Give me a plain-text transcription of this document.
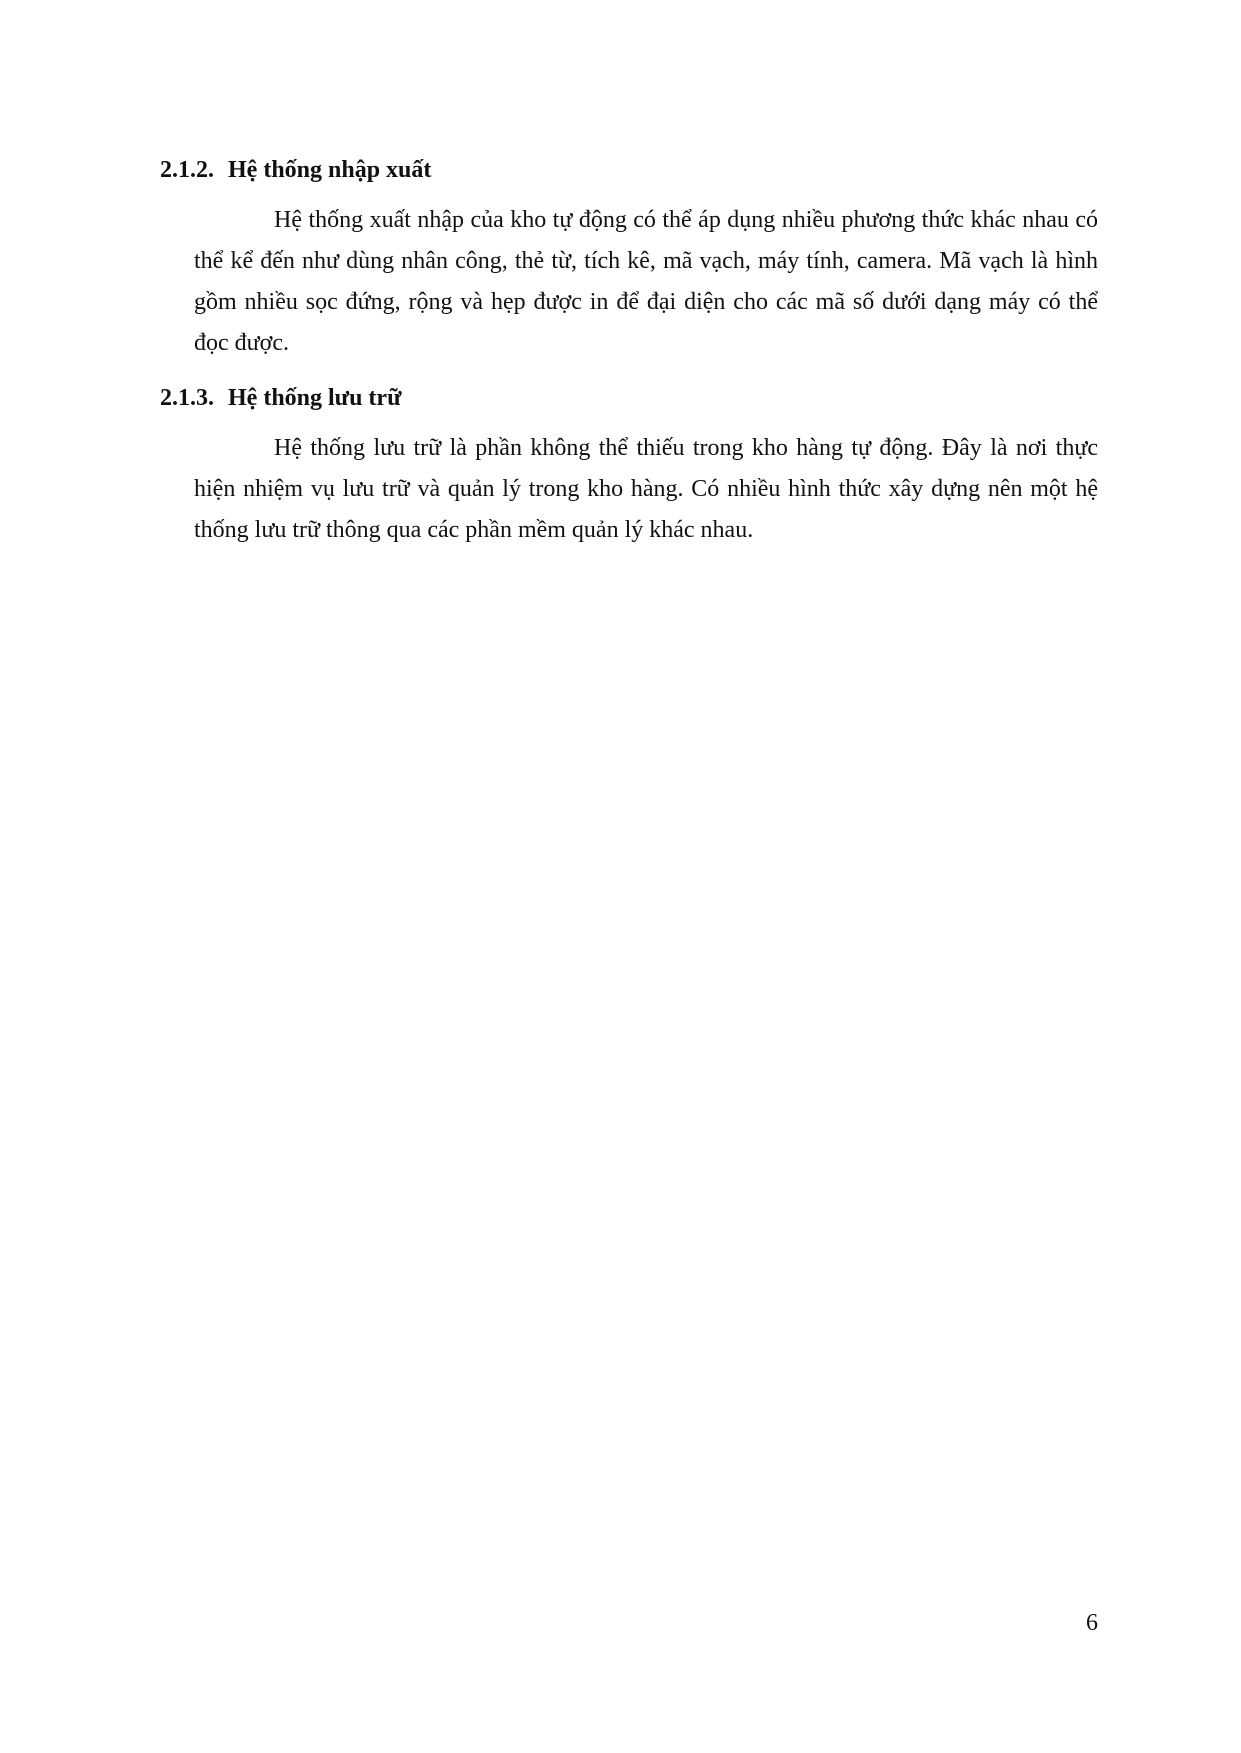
2.1.2. Hệ thống nhập xuất

Hệ thống xuất nhập của kho tự động có thể áp dụng nhiều phương thức khác nhau có thể kể đến như dùng nhân công, thẻ từ, tích kê, mã vạch, máy tính, camera. Mã vạch là hình gồm nhiều sọc đứng, rộng và hẹp được in để đại diện cho các mã số dưới dạng máy có thể đọc được.

2.1.3. Hệ thống lưu trữ

Hệ thống lưu trữ là phần không thể thiếu trong kho hàng tự động. Đây là nơi thực hiện nhiệm vụ lưu trữ và quản lý trong kho hàng. Có nhiều hình thức xây dựng nên một hệ thống lưu trữ thông qua các phần mềm quản lý khác nhau.

6
